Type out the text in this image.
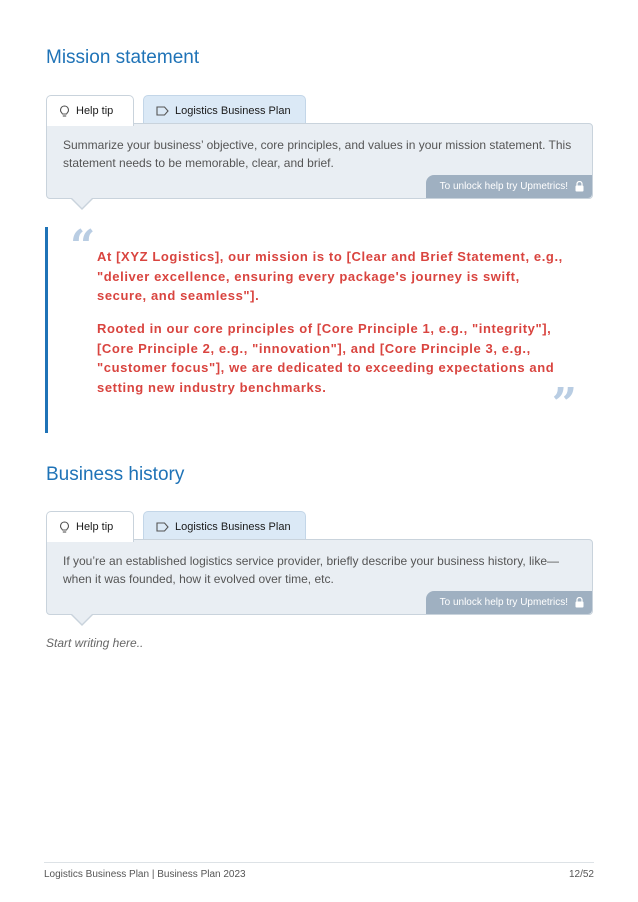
Mission statement
Help tip	Logistics Business Plan

Summarize your business’ objective, core principles, and values in your mission statement. This statement needs to be memorable, clear, and brief.

To unlock help try Upmetrics!
“ At [XYZ Logistics], our mission is to [Clear and Brief Statement, e.g., "deliver excellence, ensuring every package's journey is swift, secure, and seamless"].

Rooted in our core principles of [Core Principle 1, e.g., "integrity"], [Core Principle 2, e.g., "innovation"], and [Core Principle 3, e.g., "customer focus"], we are dedicated to exceeding expectations and setting new industry benchmarks.	”
Business history
Help tip	Logistics Business Plan

If you’re an established logistics service provider, briefly describe your business history, like—when it was founded, how it evolved over time, etc.

To unlock help try Upmetrics!

Start writing here..

Logistics Business Plan | Business Plan 2023	12/52
